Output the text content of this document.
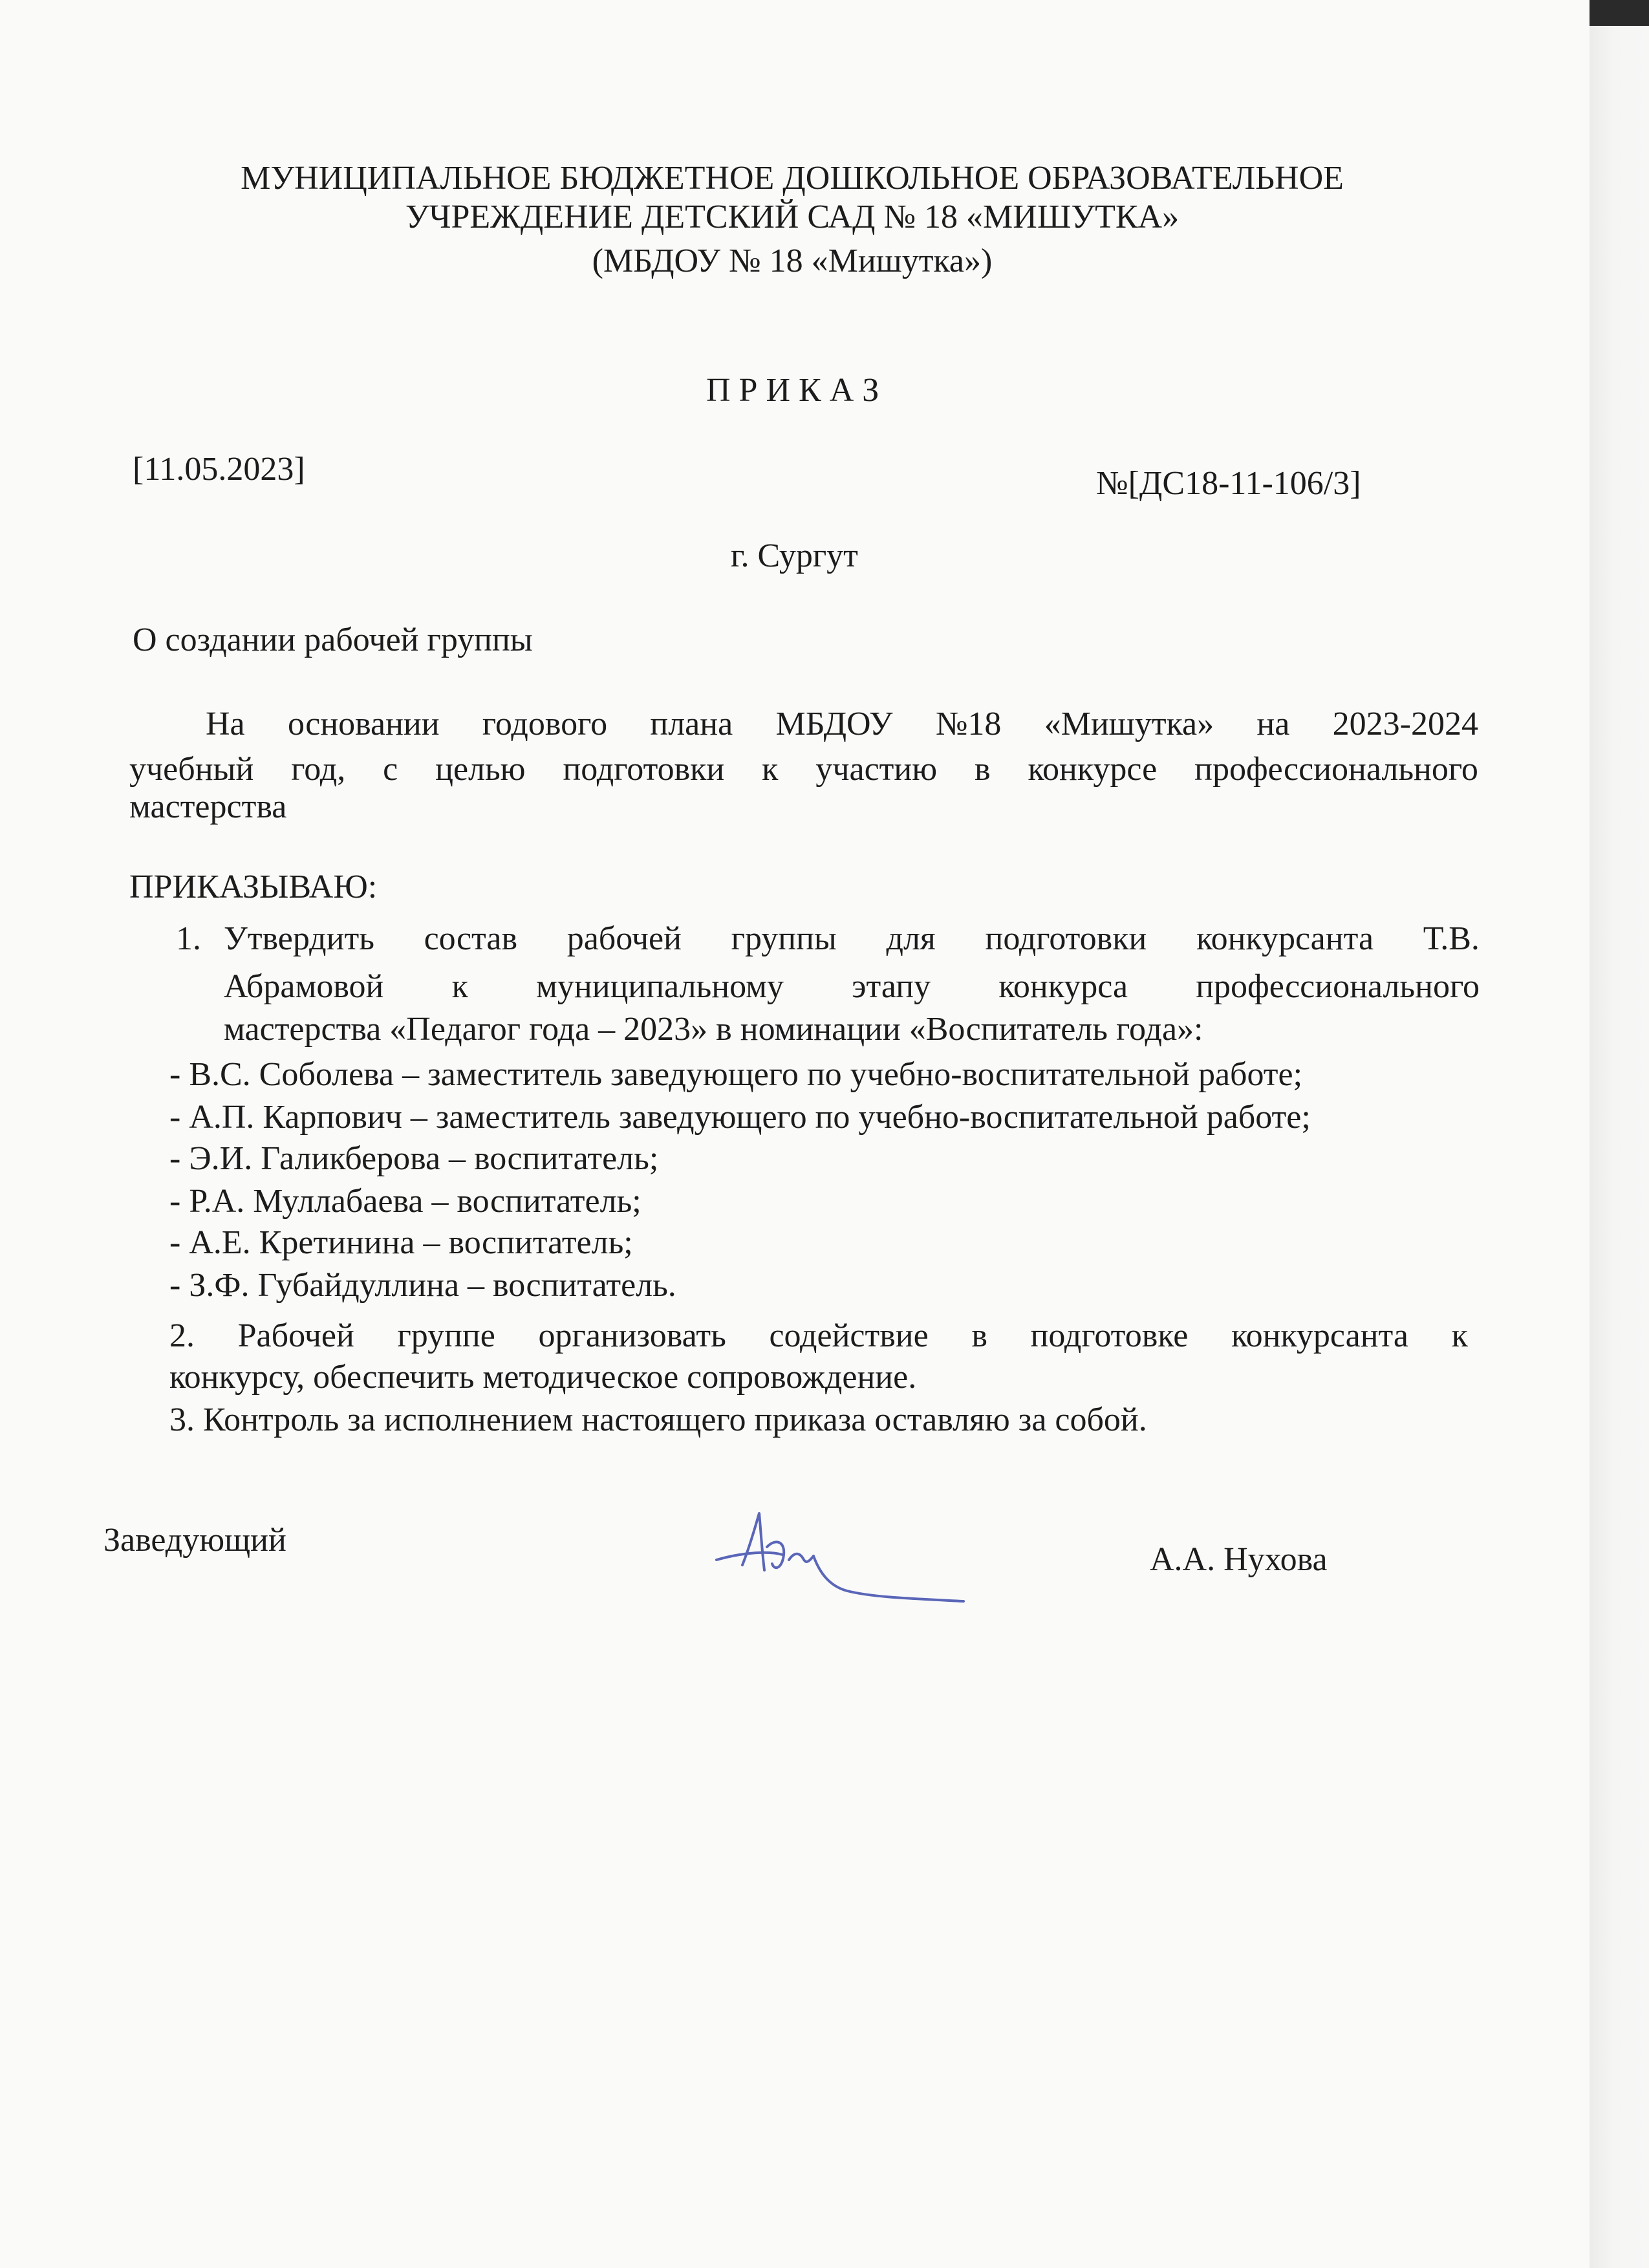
МУНИЦИПАЛЬНОЕ БЮДЖЕТНОЕ ДОШКОЛЬНОЕ ОБРАЗОВАТЕЛЬНОЕ

УЧРЕЖДЕНИЕ ДЕТСКИЙ САД № 18 «МИШУТКА»

(МБДОУ № 18 «Мишутка»)

П Р И К А З

[11.05.2023]	№[ДС18-11-106/3]

г. Сургут

О создании рабочей группы

На основании годового плана МБДОУ №18 «Мишутка» на 2023-2024
учебный год, с целью подготовки к участию в конкурсе профессионального

мастерства

ПРИКАЗЫВАЮ:

1. Утвердить состав рабочей группы для подготовки конкурсанта Т.В.
Абрамовой к муниципальному этапу конкурса профессионального

мастерства «Педагог года – 2023» в номинации «Воспитатель года»:

- В.С. Соболева – заместитель заведующего по учебно-воспитательной работе;

- А.П. Карпович – заместитель заведующего по учебно-воспитательной работе;

- Э.И. Галикберова – воспитатель;

- Р.А. Муллабаева – воспитатель;

- А.Е. Кретинина – воспитатель;

- З.Ф. Губайдуллина – воспитатель.

2. Рабочей группе организовать содействие в подготовке конкурсанта к

конкурсу, обеспечить методическое сопровождение.

3. Контроль за исполнением настоящего приказа оставляю за собой.

Заведующий

А.А. Нухова
